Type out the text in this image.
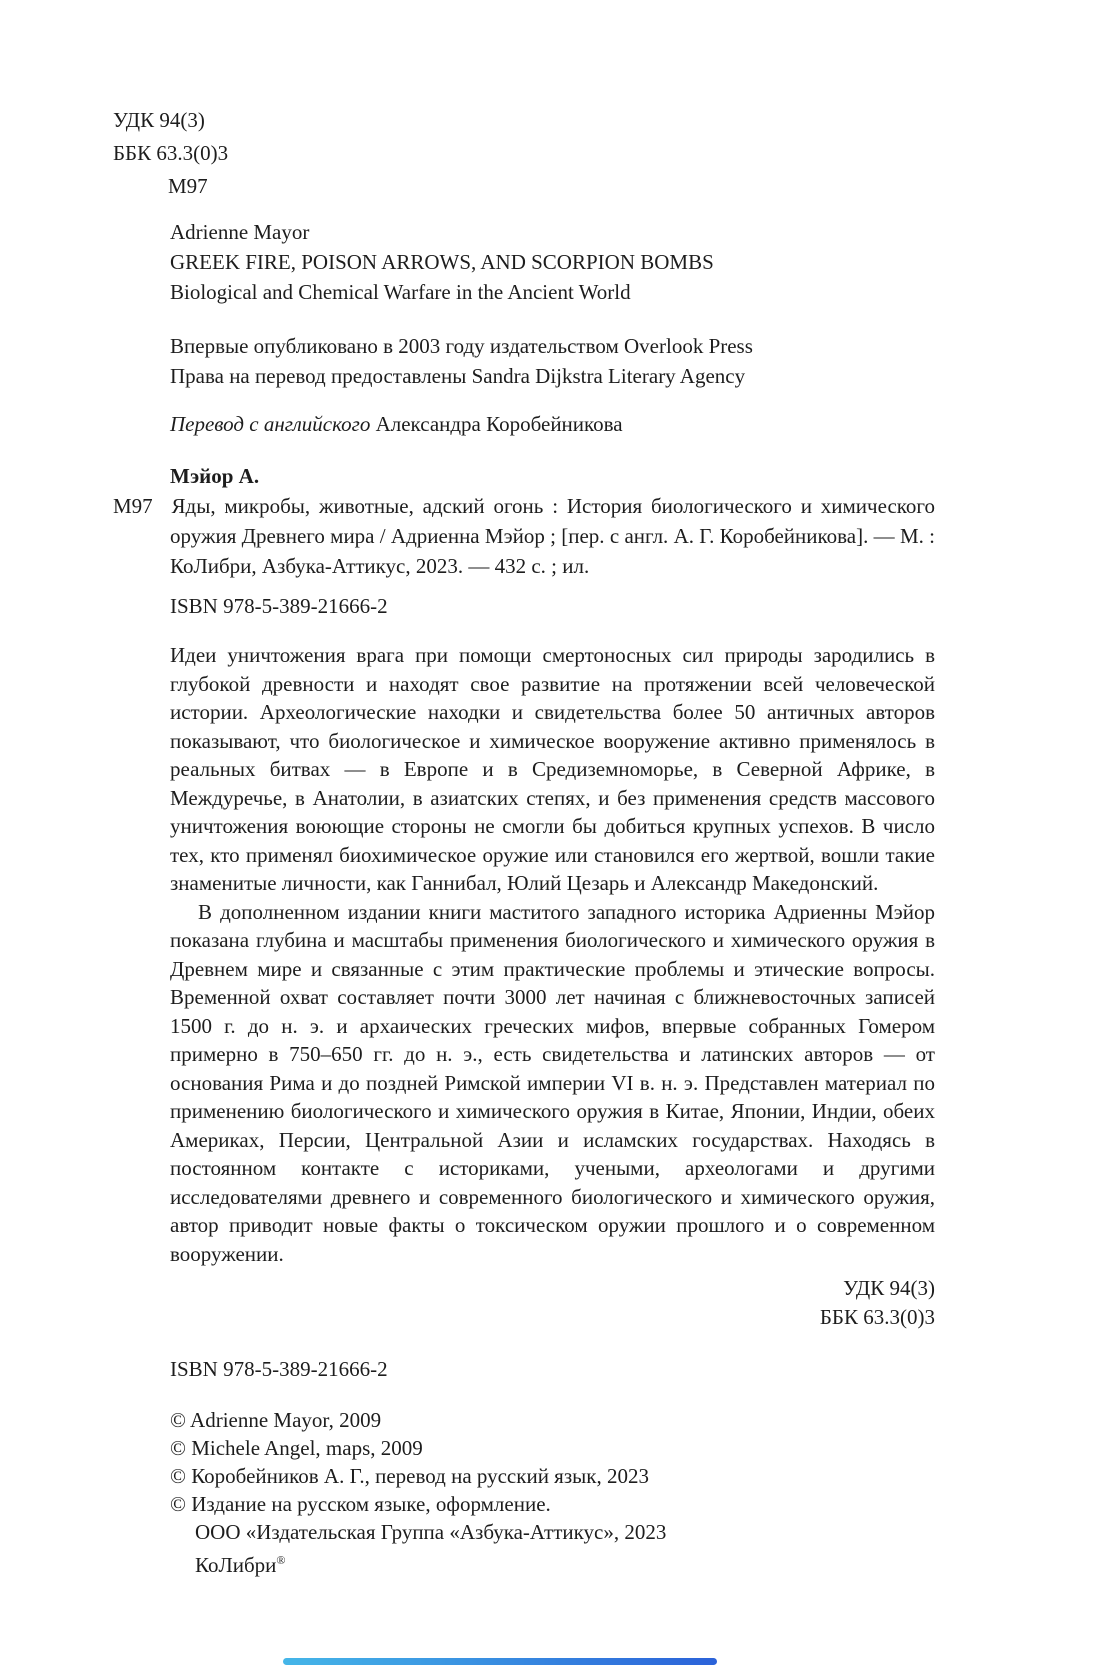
УДК 94(3)

ББК 63.3(0)3

М97

Adrienne Mayor

GREEK FIRE, POISON ARROWS, AND SCORPION BOMBS

Biological and Chemical Warfare in the Ancient World

Впервые опубликовано в 2003 году издательством Overlook Press

Права на перевод предоставлены Sandra Dijkstra Literary Agency

Перевод с английского Александра Коробейникова

Мэйор А.

М97 Яды, микробы, животные, адский огонь : История биологического и химического оружия Древнего мира / Адриенна Мэйор ; [пер. с англ. А. Г. Коробейникова]. — М. : КоЛибри, Азбука-Аттикус, 2023. — 432 с. ; ил.

ISBN 978-5-389-21666-2

Идеи уничтожения врага при помощи смертоносных сил природы зародились в глубокой древности и находят свое развитие на протяжении всей человеческой истории. Археологические находки и свидетельства более 50 античных авторов показывают, что биологическое и химическое вооружение активно применялось в реальных битвах — в Европе и в Средиземноморье, в Северной Африке, в Междуречье, в Анатолии, в азиатских степях, и без применения средств массового уничтожения воюющие стороны не смогли бы добиться крупных успехов. В число тех, кто применял биохимическое оружие или становился его жертвой, вошли такие знаменитые личности, как Ганнибал, Юлий Цезарь и Александр Македонский.

В дополненном издании книги маститого западного историка Адриенны Мэйор показана глубина и масштабы применения биологического и химического оружия в Древнем мире и связанные с этим практические проблемы и этические вопросы. Временной охват составляет почти 3000 лет начиная с ближневосточных записей 1500 г. до н. э. и архаических греческих мифов, впервые собранных Гомером примерно в 750–650 гг. до н. э., есть свидетельства и латинских авторов — от основания Рима и до поздней Римской империи VI в. н. э. Представлен материал по применению биологического и химического оружия в Китае, Японии, Индии, обеих Америках, Персии, Центральной Азии и исламских государствах. Находясь в постоянном контакте с историками, учеными, археологами и другими исследователями древнего и современного биологического и химического оружия, автор приводит новые факты о токсическом оружии прошлого и о современном вооружении.

УДК 94(3)

ББК 63.3(0)3

ISBN 978-5-389-21666-2

© Adrienne Mayor, 2009

© Michele Angel, maps, 2009

© Коробейников А. Г., перевод на русский язык, 2023

© Издание на русском языке, оформление.

ООО «Издательская Группа «Азбука-Аттикус», 2023

КоЛибри®
